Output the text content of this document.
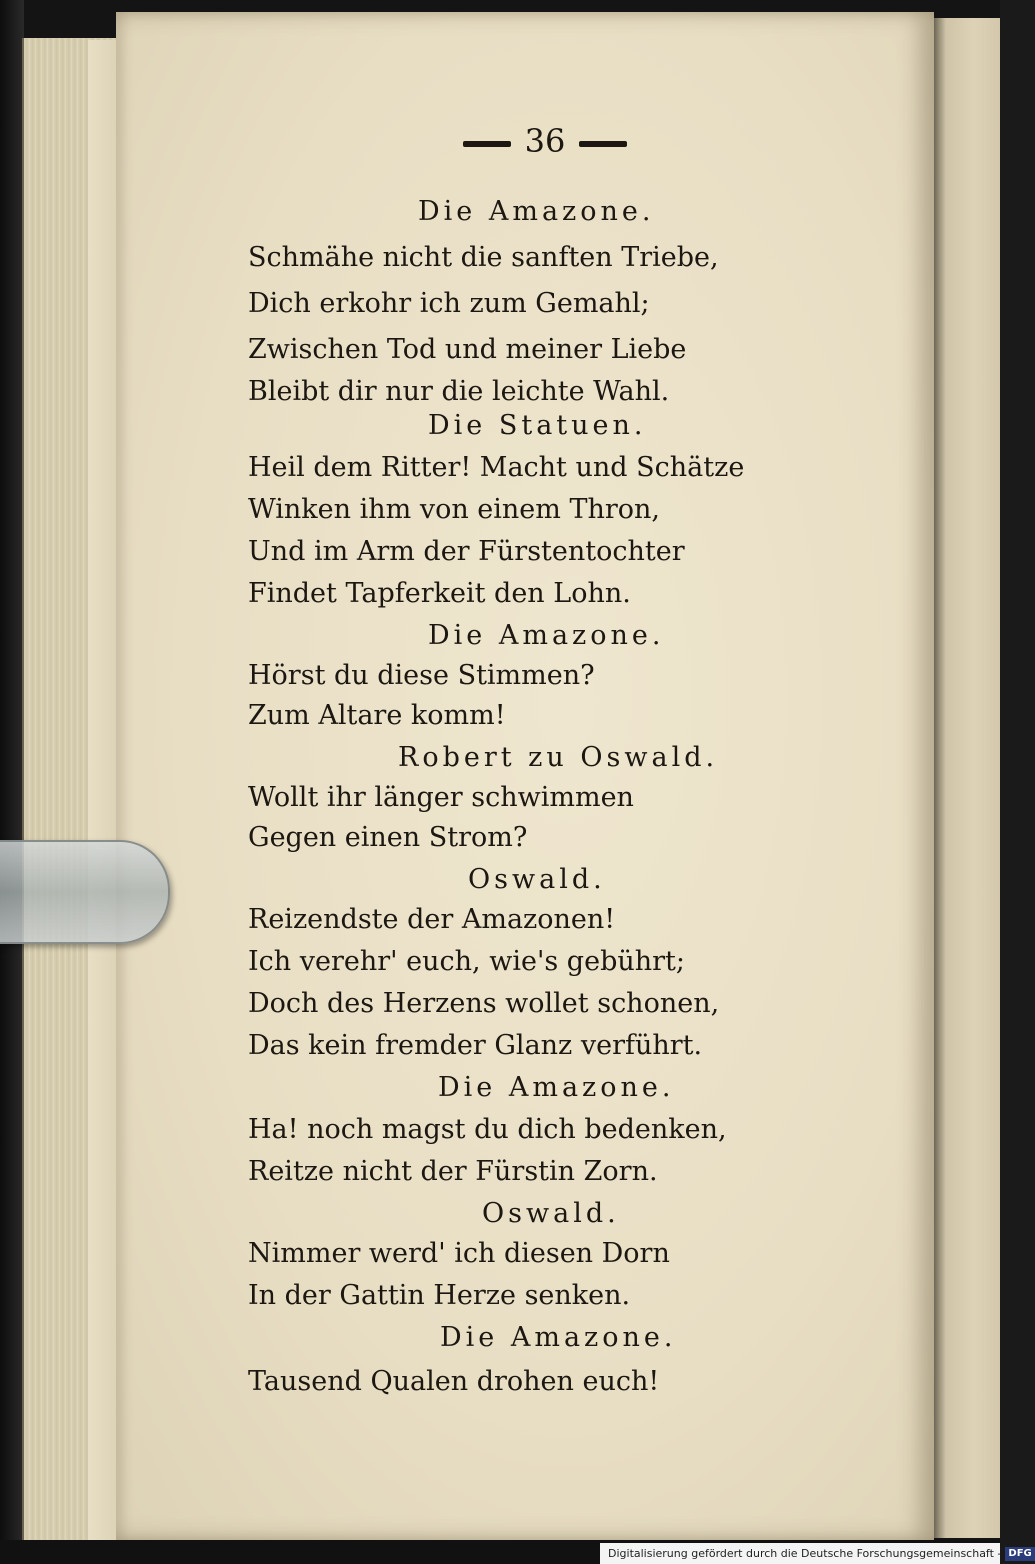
36
Die Amazone.
Schmähe nicht die sanften Triebe,
Dich erkohr ich zum Gemahl;
Zwischen Tod und meiner Liebe
Bleibt dir nur die leichte Wahl.
Die Statuen.
Heil dem Ritter! Macht und Schätze
Winken ihm von einem Thron,
Und im Arm der Fürstentochter
Findet Tapferkeit den Lohn.
Die Amazone.
Hörst du diese Stimmen?
Zum Altare komm!
Robert zu Oswald.
Wollt ihr länger schwimmen
Gegen einen Strom?
Oswald.
Reizendste der Amazonen!
Ich verehr' euch, wie's gebührt;
Doch des Herzens wollet schonen,
Das kein fremder Glanz verführt.
Die Amazone.
Ha! noch magst du dich bedenken,
Reitze nicht der Fürstin Zorn.
Oswald.
Nimmer werd' ich diesen Dorn
In der Gattin Herze senken.
Die Amazone.
Tausend Qualen drohen euch!
Digitalisierung gefördert durch die Deutsche Forschungsgemeinschaft - DFG
